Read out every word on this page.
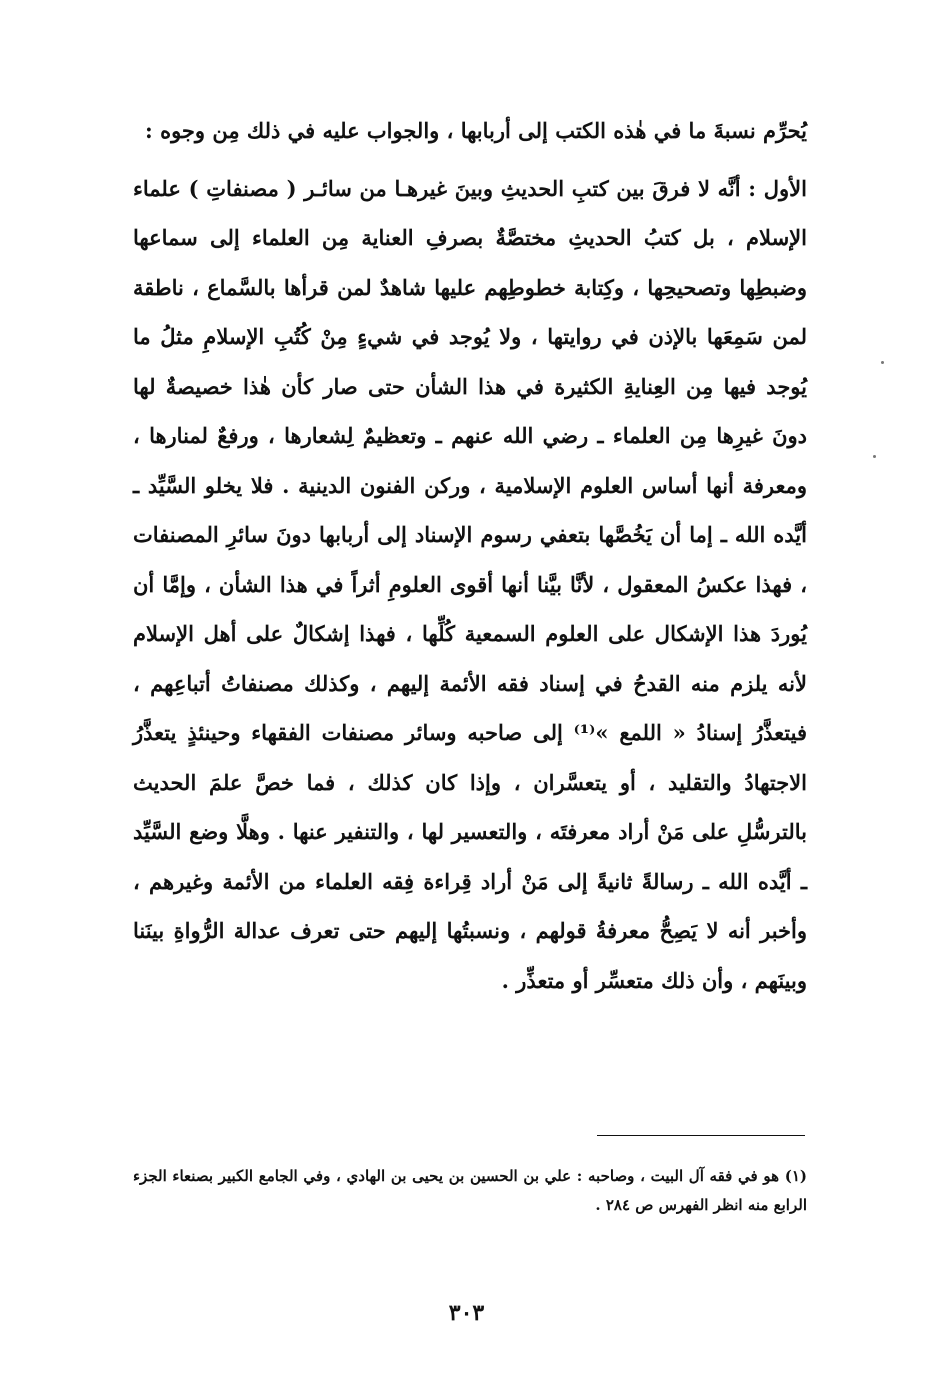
يُحرِّم نسبةَ ما في هٰذه الكتب إلى أربابها ، والجواب عليه في ذلك مِن وجوه :

الأول : أنَّه لا فرقَ بين كتبِ الحديثِ وبينَ غيرهـا من سائـر ( مصنفاتِ ) علماء الإسلام ، بل كتبُ الحديثِ مختصَّةٌ بصرفِ العناية مِن العلماء إلى سماعها وضبطِها وتصحيحِها ، وكِتابة خطوطِهم عليها شاهدٌ لمن قرأها بالسَّماع ، ناطقة لمن سَمِعَها بالإذن في روايتها ، ولا يُوجد في شيءٍ مِنْ كُتُبِ الإسلامِ مثلُ ما يُوجد فيها مِن العِنايةِ الكثيرة في هذا الشأن حتى صار كأن هٰذا خصيصةٌ لها دونَ غيرِها مِن العلماء ـ رضي الله عنهم ـ وتعظيمٌ لِشعارها ، ورفعٌ لمنارها ، ومعرفة أنها أساس العلوم الإسلامية ، وركن الفنون الدينية . فلا يخلو السَّيِّد ـ أيَّده الله ـ إما أن يَخُصَّها بتعفي رسوم الإسناد إلى أربابها دونَ سائرِ المصنفات ، فهذا عكسُ المعقول ، لأنَّا بيَّنا أنها أقوى العلومِ أثراً في هذا الشأن ، وإمَّا أن يُوردَ هذا الإشكال على العلوم السمعية كُلِّها ، فهذا إشكالٌ على أهل الإسلام لأنه يلزم منه القدحُ في إسناد فقه الأئمة إليهم ، وكذلك مصنفاتُ أتباعِهم ، فيتعذَّرُ إسنادُ « اللمع »⁽¹⁾ إلى صاحبه وسائر مصنفات الفقهاء وحينئذٍ يتعذَّرُ الاجتهادُ والتقليد ، أو يتعسَّران ، وإذا كان كذلك ، فما خصَّ علمَ الحديث بالترسُّلِ على مَنْ أراد معرفتَه ، والتعسير لها ، والتنفير عنها . وهلَّا وضع السَّيِّد ـ أيَّده الله ـ رسالةً ثانيةً إلى مَنْ أراد قِراءة فِقه العلماء من الأئمة وغيرهم ، وأخبر أنه لا يَصِحُّ معرفةُ قولهم ، ونسبتُها إليهم حتى تعرف عدالة الرُّواةِ بينَنا وبينَهم ، وأن ذلك متعسِّر أو متعذِّر .

(١) هو في فقه آل البيت ، وصاحبه : علي بن الحسين بن يحيى بن الهادي ، وفي الجامع الكبير بصنعاء الجزء الرابع منه انظر الفهرس ص ٢٨٤ .
٣٠٣
